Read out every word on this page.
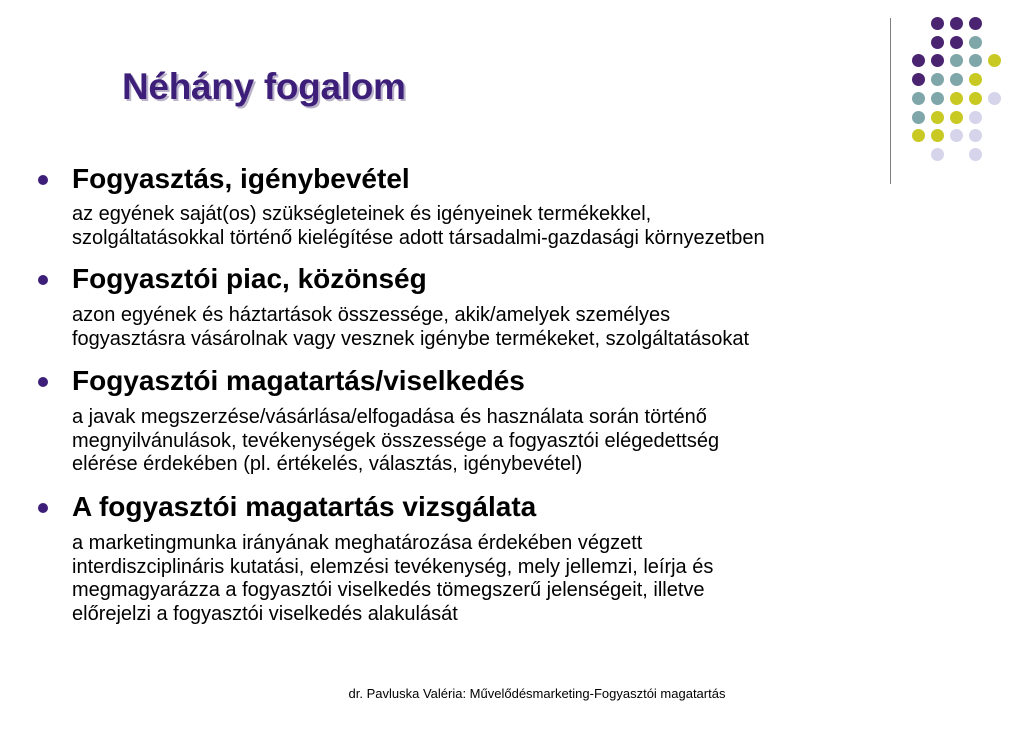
Néhány fogalom
Fogyasztás, igénybevétel
az egyének saját(os) szükségleteinek és igényeinek termékekkel,
szolgáltatásokkal történő kielégítése adott társadalmi-gazdasági környezetben
Fogyasztói piac, közönség
azon egyének és háztartások összessége, akik/amelyek személyes
fogyasztásra vásárolnak vagy vesznek igénybe termékeket, szolgáltatásokat
Fogyasztói magatartás/viselkedés
a javak megszerzése/vásárlása/elfogadása és használata során történő
megnyilvánulások, tevékenységek összessége a fogyasztói elégedettség
elérése érdekében (pl. értékelés, választás, igénybevétel)
A fogyasztói magatartás vizsgálata
a marketingmunka irányának meghatározása érdekében végzett
interdiszciplináris kutatási, elemzési tevékenység, mely jellemzi, leírja és
megmagyarázza a fogyasztói viselkedés tömegszerű jelenségeit, illetve
előrejelzi a fogyasztói viselkedés alakulását
dr. Pavluska Valéria: Művelődésmarketing-Fogyasztói magatartás
